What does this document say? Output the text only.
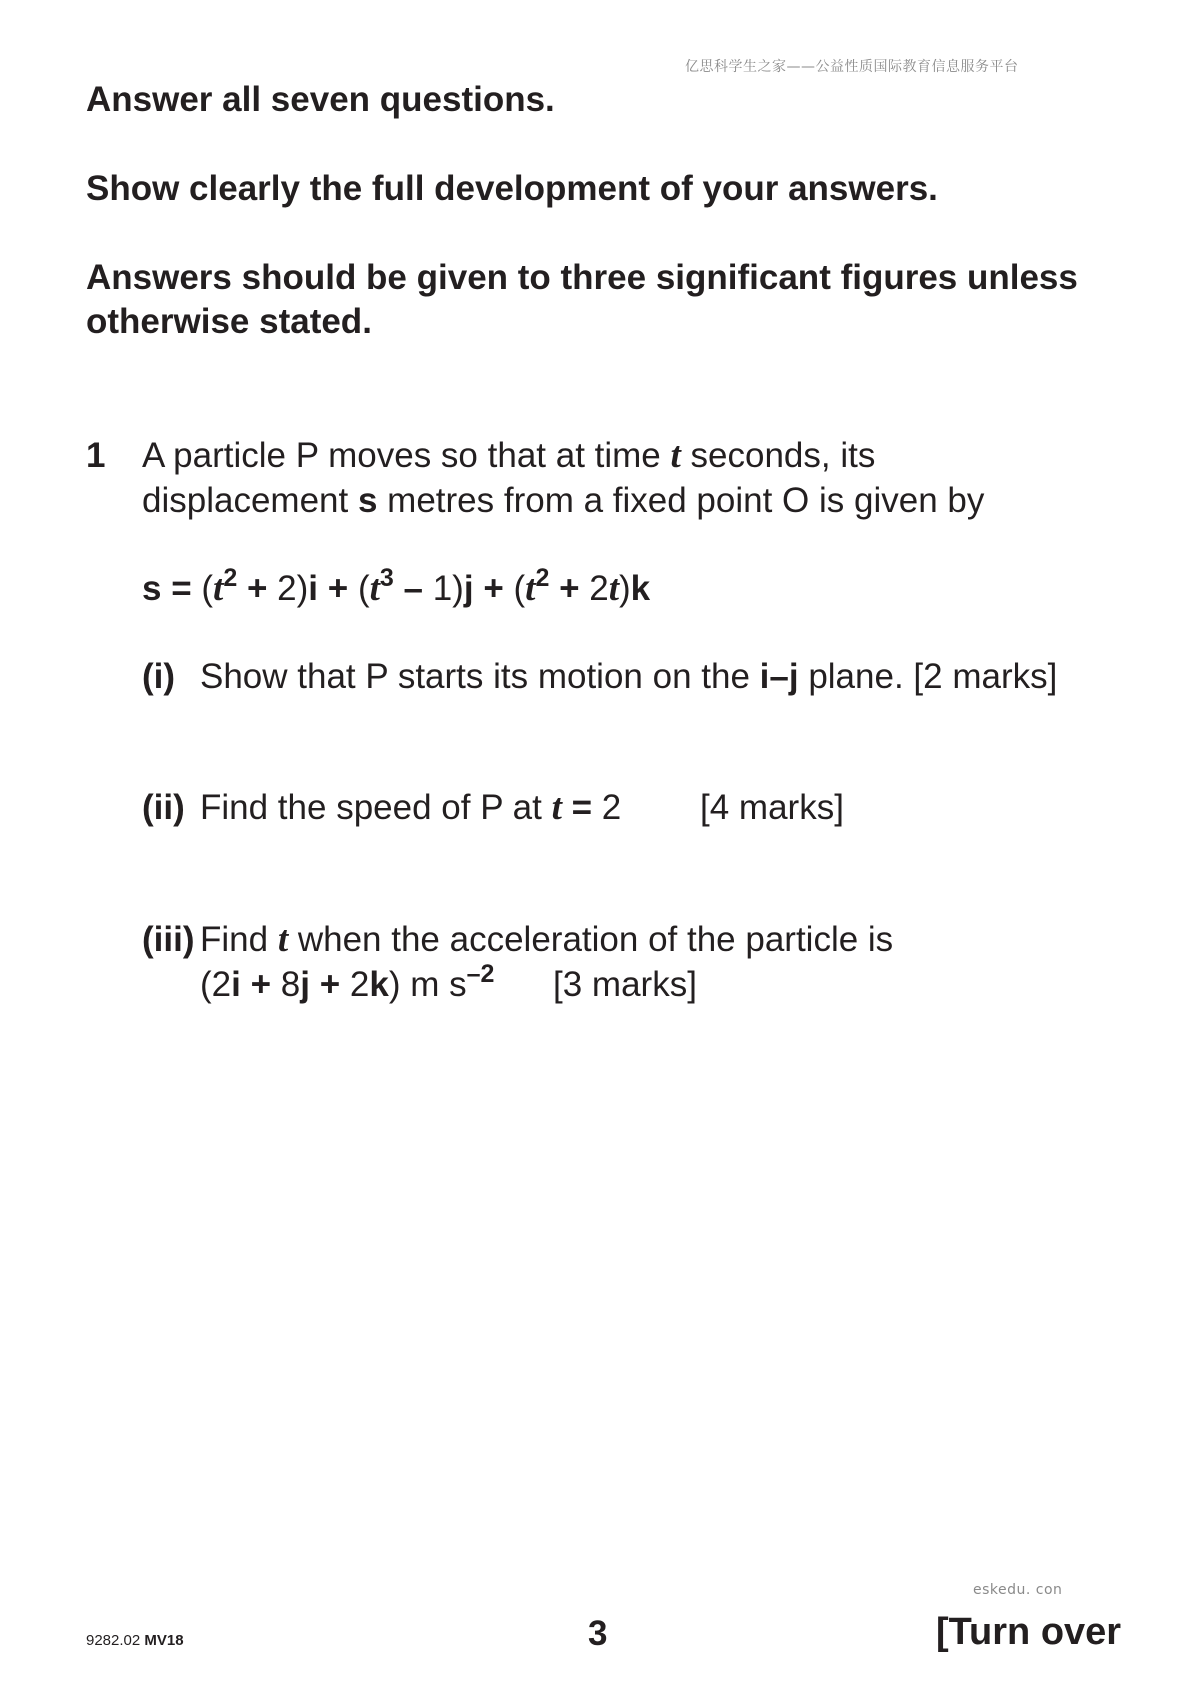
亿思科学生之家——公益性质国际教育信息服务平台
Answer all seven questions.
Show clearly the full development of your answers.
Answers should be given to three significant figures unless
otherwise stated.
1 A particle P moves so that at time t seconds, its
displacement s metres from a fixed point O is given by
$s = (t^2 + 2)i + (t^3 - 1)j + (t^2 + 2t)k$
(i) Show that P starts its motion on the i–j plane. [2 marks]
(ii) Find the speed of P at t = 2 [4 marks]
(iii) Find t when the acceleration of the particle is
(2i + 8j + 2k) m $s^{-2}$ [3 marks]
eskedu. con
9282.02 MV18	3	[Turn over
